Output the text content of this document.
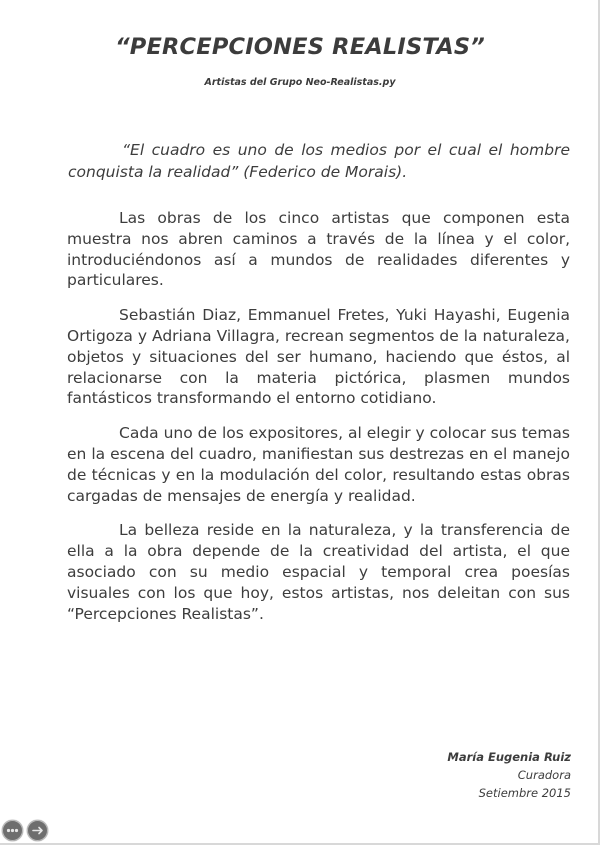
“PERCEPCIONES REALISTAS”
Artistas del Grupo Neo-Realistas.py
“El cuadro es uno de los medios por el cual el hombre conquista la realidad” (Federico de Morais).

Las obras de los cinco artistas que componen esta muestra nos abren caminos a través de la línea y el color, introduciéndonos así a mundos de realidades diferentes y particulares.

Sebastián Diaz, Emmanuel Fretes, Yuki Hayashi, Eugenia Ortigoza y Adriana Villagra, recrean segmentos de la naturaleza, objetos y situaciones del ser humano, haciendo que éstos, al relacionarse con la materia pictórica, plasmen mundos fantásticos transformando el entorno cotidiano.

Cada uno de los expositores, al elegir y colocar sus temas en la escena del cuadro, manifiestan sus destrezas en el manejo de técnicas y en la modulación del color, resultando estas obras cargadas de mensajes de energía y realidad.

La belleza reside en la naturaleza, y la transferencia de ella a la obra depende de la creatividad del artista, el que asociado con su medio espacial y temporal crea poesías visuales con los que hoy, estos artistas, nos deleitan con sus “Percepciones Realistas”.

María Eugenia Ruiz
Curadora
Setiembre 2015
